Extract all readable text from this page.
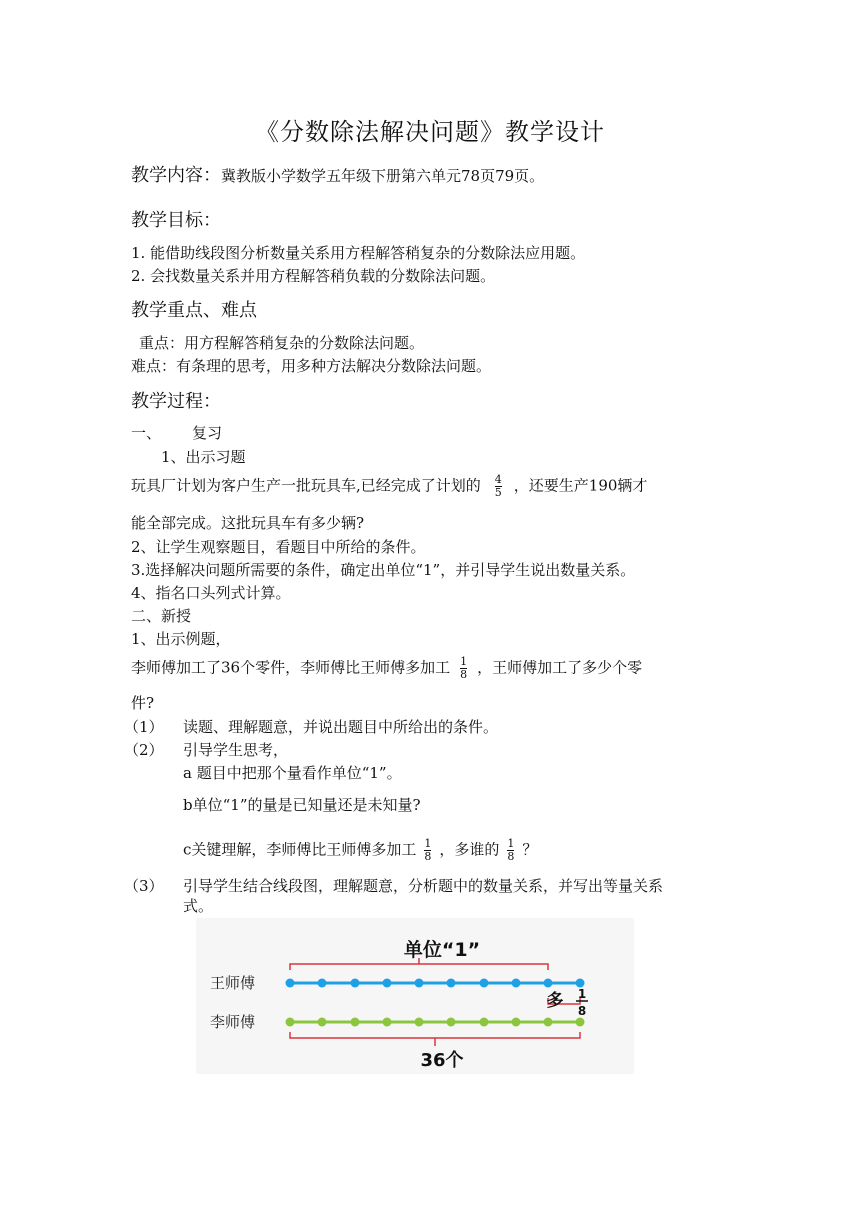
《分数除法解决问题》教学设计
教学内容：冀教版小学数学五年级下册第六单元78页79页。
教学目标：
1. 能借助线段图分析数量关系用方程解答稍复杂的分数除法应用题。
2. 会找数量关系并用方程解答稍负载的分数除法问题。
教学重点、难点
重点：用方程解答稍复杂的分数除法问题。
难点：有条理的思考，用多种方法解决分数除法问题。
教学过程：
一、 复习
1、出示习题
玩具厂计划为客户生产一批玩具车,已经完成了计划的 $\frac{4}{5}$ ，还要生产190辆才
能全部完成。这批玩具车有多少辆?
2、让学生观察题目，看题目中所给的条件。
3.选择解决问题所需要的条件，确定出单位“1”，并引导学生说出数量关系。
4、指名口头列式计算。
二、新授
1、出示例题，
李师傅加工了36个零件，李师傅比王师傅多加工 $\frac{1}{8}$ ，王师傅加工了多少个零
件?
（1） 读题、理解题意，并说出题目中所给出的条件。
（2） 引导学生思考，
a 题目中把那个量看作单位“1”。
b单位“1”的量是已知量还是未知量?
c关键理解，李师傅比王师傅多加工 $\frac{1}{8}$ ，多谁的 $\frac{1}{8}$ ？
（3） 引导学生结合线段图，理解题意，分析题中的数量关系，并写出等量关系
式。
单位“1”
王师傅
多 1
8
李师傅
36个
